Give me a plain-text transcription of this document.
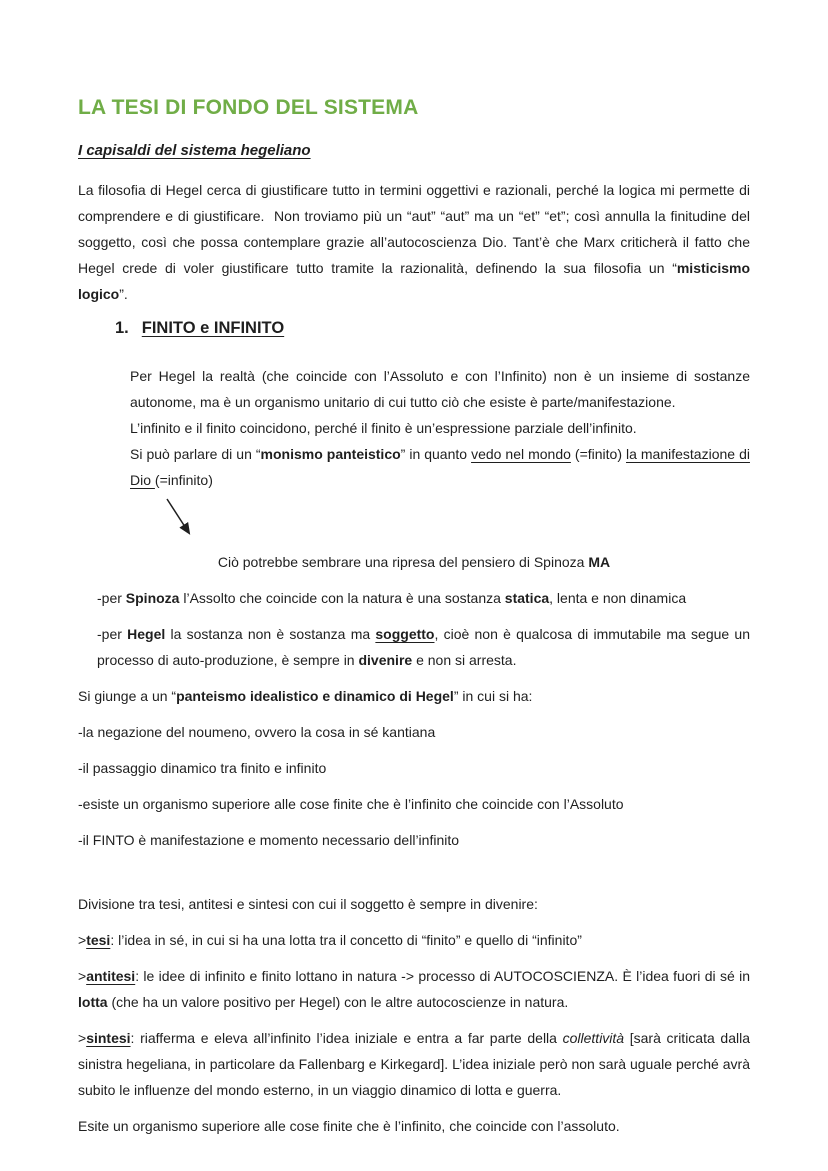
LA TESI DI FONDO DEL SISTEMA
I capisaldi del sistema hegeliano
La filosofia di Hegel cerca di giustificare tutto in termini oggettivi e razionali, perché la logica mi permette di comprendere e di giustificare.  Non troviamo più un “aut” “aut” ma un “et” “et”; così annulla la finitudine del soggetto, così che possa contemplare grazie all’autocoscienza Dio. Tant’è che Marx criticherà il fatto che Hegel crede di voler giustificare tutto tramite la razionalità, definendo la sua filosofia un “misticismo logico”.
1. FINITO e INFINITO
Per Hegel la realtà (che coincide con l’Assoluto e con l’Infinito) non è un insieme di sostanze autonome, ma è un organismo unitario di cui tutto ciò che esiste è parte/manifestazione.
L’infinito e il finito coincidono, perché il finito è un’espressione parziale dell’infinito.
Si può parlare di un “monismo panteistico” in quanto vedo nel mondo (=finito) la manifestazione di Dio (=infinito)
Ciò potrebbe sembrare una ripresa del pensiero di Spinoza MA
-per Spinoza l’Assolto che coincide con la natura è una sostanza statica, lenta e non dinamica
-per Hegel la sostanza non è sostanza ma soggetto, cioè non è qualcosa di immutabile ma segue un processo di auto-produzione, è sempre in divenire e non si arresta.
Si giunge a un “panteismo idealistico e dinamico di Hegel” in cui si ha:
-la negazione del noumeno, ovvero la cosa in sé kantiana
-il passaggio dinamico tra finito e infinito
-esiste un organismo superiore alle cose finite che è l’infinito che coincide con l’Assoluto
-il FINTO è manifestazione e momento necessario dell’infinito
Divisione tra tesi, antitesi e sintesi con cui il soggetto è sempre in divenire:
>tesi: l’idea in sé, in cui si ha una lotta tra il concetto di “finito” e quello di “infinito”
>antitesi: le idee di infinito e finito lottano in natura -> processo di AUTOCOSCIENZA. È l’idea fuori di sé in lotta (che ha un valore positivo per Hegel) con le altre autocoscienze in natura.
>sintesi: riafferma e eleva all’infinito l’idea iniziale e entra a far parte della collettività [sarà criticata dalla sinistra hegeliana, in particolare da Fallenbarg e Kirkegard]. L’idea iniziale però non sarà uguale perché avrà subito le influenze del mondo esterno, in un viaggio dinamico di lotta e guerra.
Esite un organismo superiore alle cose finite che è l’infinito, che coincide con l’assoluto.
